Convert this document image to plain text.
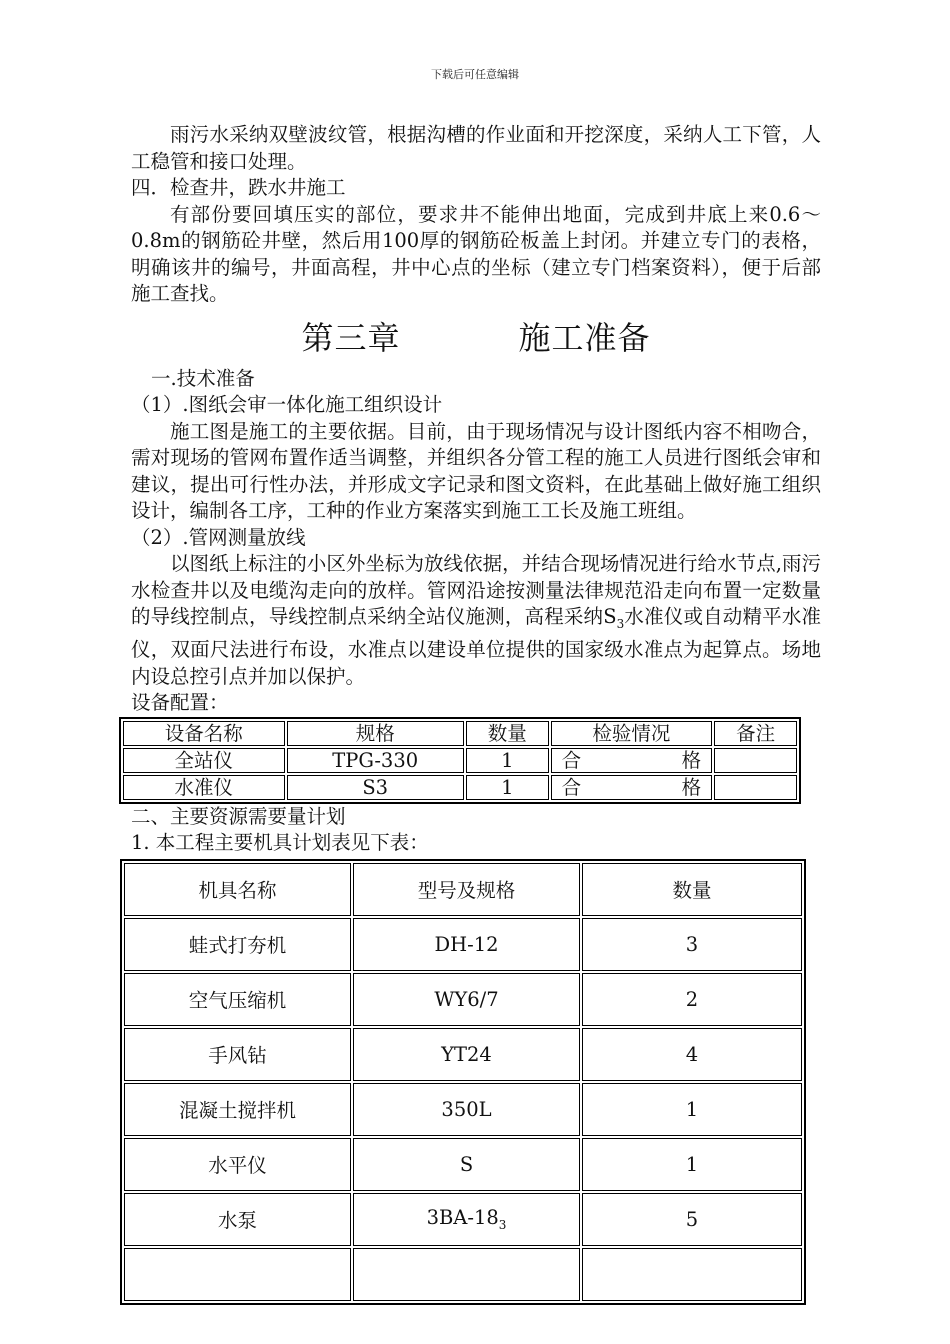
下载后可任意编辑

雨污水采纳双壁波纹管，根据沟槽的作业面和开挖深度，采纳人工下管，人工稳管和接口处理。

四．检查井，跌水井施工

有部份要回填压实的部位，要求井不能伸出地面，完成到井底上来0.6～0.8m的钢筋砼井壁，然后用100厚的钢筋砼板盖上封闭。并建立专门的表格，明确该井的编号，井面高程，井中心点的坐标（建立专门档案资料），便于后部施工查找。

第三章	施工准备

一.技术准备

（1）.图纸会审一体化施工组织设计

施工图是施工的主要依据。目前，由于现场情况与设计图纸内容不相吻合，需对现场的管网布置作适当调整，并组织各分管工程的施工人员进行图纸会审和建议，提出可行性办法，并形成文字记录和图文资料，在此基础上做好施工组织设计，编制各工序，工种的作业方案落实到施工工长及施工班组。

（2）.管网测量放线

以图纸上标注的小区外坐标为放线依据，并结合现场情况进行给水节点,雨污水检查井以及电缆沟走向的放样。管网沿途按测量法律规范沿走向布置一定数量的导线控制点，导线控制点采纳全站仪施测，高程采纳$S_3$水准仪或自动精平水准仪，双面尺法进行布设，水准点以建设单位提供的国家级水准点为起算点。场地内设总控引点并加以保护。

设备配置：

设备名称	规格	数量	检验情况	备注
全站仪	TPG-330	1	合格	
水准仪	S3	1	合格	

二、主要资源需要量计划

1. 本工程主要机具计划表见下表：

机具名称	型号及规格	数量
蛙式打夯机	DH-12	3
空气压缩机	WY6/7	2
手风钻	YT24	4
混凝土搅拌机	350L	1
水平仪	S	1
水泵	$3BA-18_3$	5
